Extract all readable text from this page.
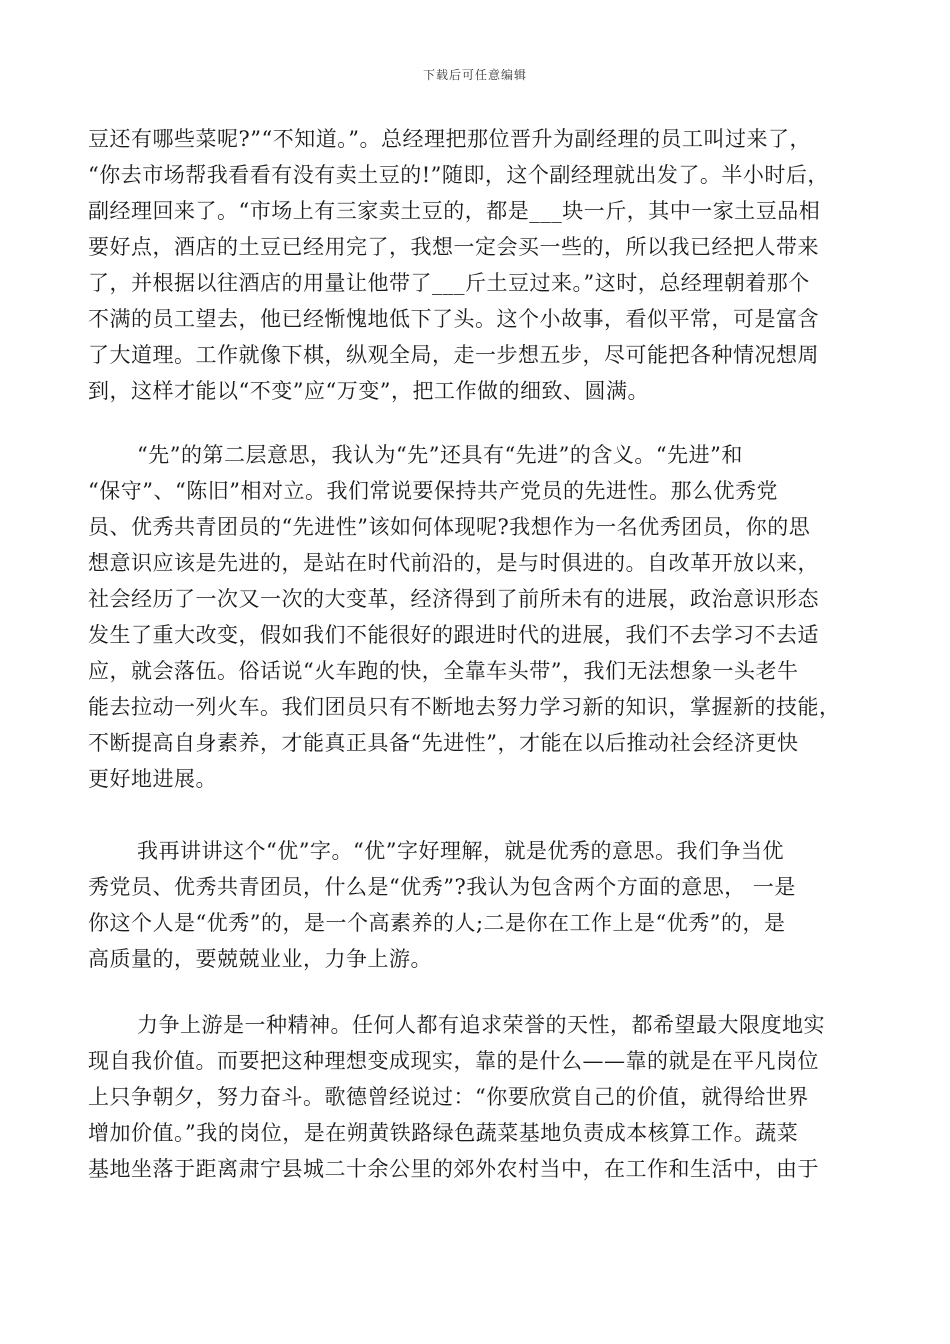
下载后可任意编辑
豆还有哪些菜呢?”“不知道。”。总经理把那位晋升为副经理的员工叫过来了，
“你去市场帮我看看有没有卖土豆的!”随即，这个副经理就出发了。半小时后，
副经理回来了。“市场上有三家卖土豆的，都是___块一斤，其中一家土豆品相
要好点，酒店的土豆已经用完了，我想一定会买一些的，所以我已经把人带来
了，并根据以往酒店的用量让他带了___斤土豆过来。”这时，总经理朝着那个
不满的员工望去，他已经惭愧地低下了头。这个小故事，看似平常，可是富含
了大道理。工作就像下棋，纵观全局，走一步想五步，尽可能把各种情况想周
到，这样才能以“不变”应“万变”，把工作做的细致、圆满。
“先”的第二层意思，我认为“先”还具有“先进”的含义。“先进”和
“保守”、“陈旧”相对立。我们常说要保持共产党员的先进性。那么优秀党
员、优秀共青团员的“先进性”该如何体现呢?我想作为一名优秀团员，你的思
想意识应该是先进的，是站在时代前沿的，是与时俱进的。自改革开放以来，
社会经历了一次又一次的大变革，经济得到了前所未有的进展，政治意识形态
发生了重大改变，假如我们不能很好的跟进时代的进展，我们不去学习不去适
应，就会落伍。俗话说“火车跑的快，全靠车头带”，我们无法想象一头老牛
能去拉动一列火车。我们团员只有不断地去努力学习新的知识，掌握新的技能，
不断提高自身素养，才能真正具备“先进性”，才能在以后推动社会经济更快
更好地进展。
我再讲讲这个“优”字。“优”字好理解，就是优秀的意思。我们争当优
秀党员、优秀共青团员，什么是“优秀”?我认为包含两个方面的意思， 一是
你这个人是“优秀”的，是一个高素养的人;二是你在工作上是“优秀”的，是
高质量的，要兢兢业业，力争上游。
力争上游是一种精神。任何人都有追求荣誉的天性，都希望最大限度地实
现自我价值。而要把这种理想变成现实，靠的是什么——靠的就是在平凡岗位
上只争朝夕，努力奋斗。歌德曾经说过：“你要欣赏自己的价值，就得给世界
增加价值。”我的岗位，是在朔黄铁路绿色蔬菜基地负责成本核算工作。蔬菜
基地坐落于距离肃宁县城二十余公里的郊外农村当中，在工作和生活中，由于
